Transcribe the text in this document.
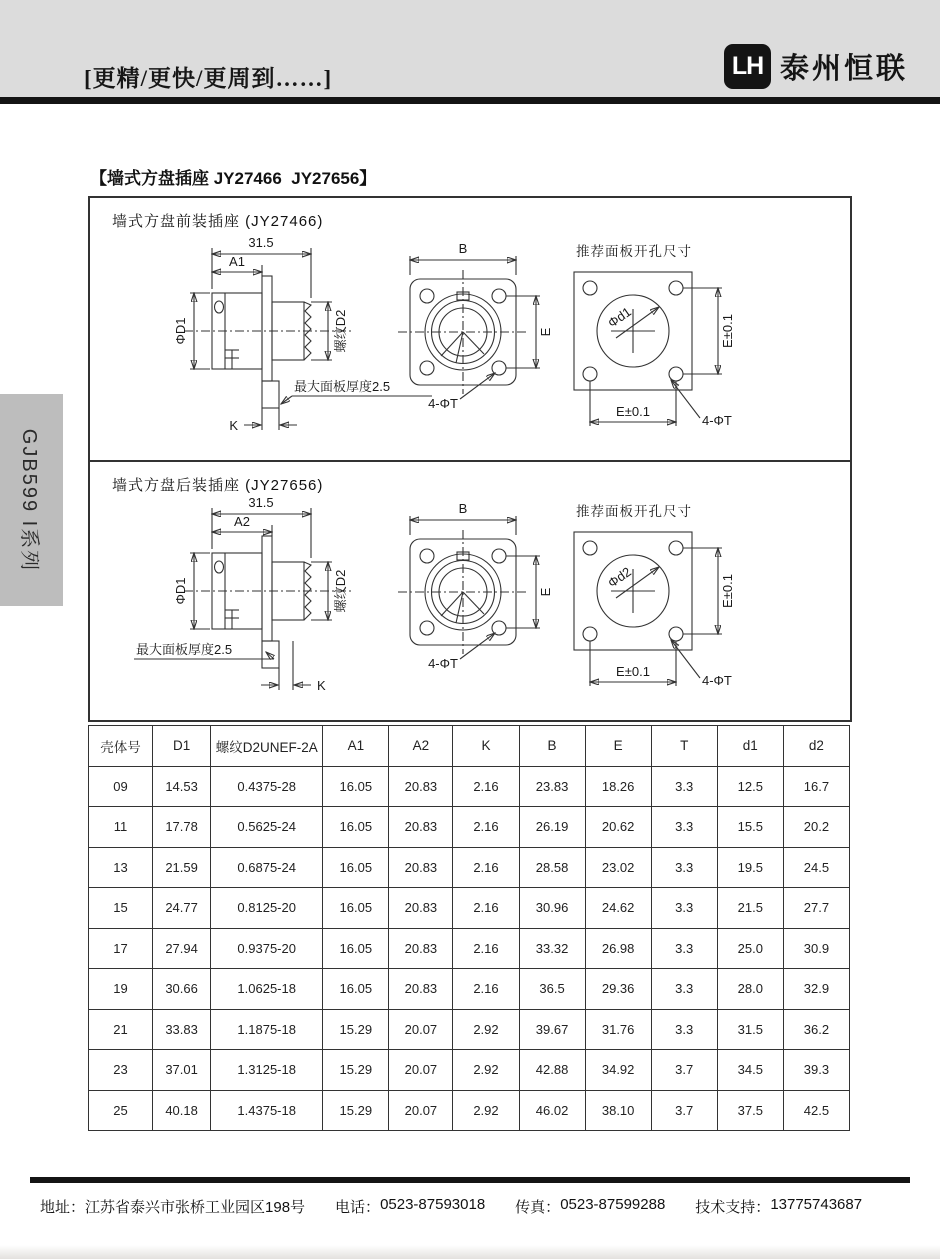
[更精/更快/更周到……]	LH 泰州恒联
GJB599 I系列
【墙式方盘插座 JY27466  JY27656】
墙式方盘前装插座 (JY27466)
墙式方盘后装插座 (JY27656)
31.5
A1
ΦD1	螺纹D2
最大面板厚度2.5
K
B
E
4-ΦT
推荐面板开孔尺寸
Φd1	E±0.1
E±0.1
4-ΦT
31.5
A2
ΦD1	螺纹D2
最大面板厚度2.5
K
B
E
4-ΦT
推荐面板开孔尺寸
Φd2	E±0.1
E±0.1
4-ΦT
壳体号	D1	螺纹D2UNEF-2A	A1	A2	K	B	E	T	d1	d2
09	14.53	0.4375-28	16.05	20.83	2.16	23.83	18.26	3.3	12.5	16.7
11	17.78	0.5625-24	16.05	20.83	2.16	26.19	20.62	3.3	15.5	20.2
13	21.59	0.6875-24	16.05	20.83	2.16	28.58	23.02	3.3	19.5	24.5
15	24.77	0.8125-20	16.05	20.83	2.16	30.96	24.62	3.3	21.5	27.7
17	27.94	0.9375-20	16.05	20.83	2.16	33.32	26.98	3.3	25.0	30.9
19	30.66	1.0625-18	16.05	20.83	2.16	36.5	29.36	3.3	28.0	32.9
21	33.83	1.1875-18	15.29	20.07	2.92	39.67	31.76	3.3	31.5	36.2
23	37.01	1.3125-18	15.29	20.07	2.92	42.88	34.92	3.7	34.5	39.3
25	40.18	1.4375-18	15.29	20.07	2.92	46.02	38.10	3.7	37.5	42.5
地址： 江苏省泰兴市张桥工业园区198号 电话： 0523-87593018 传真： 0523-87599288 技术支持： 13775743687
